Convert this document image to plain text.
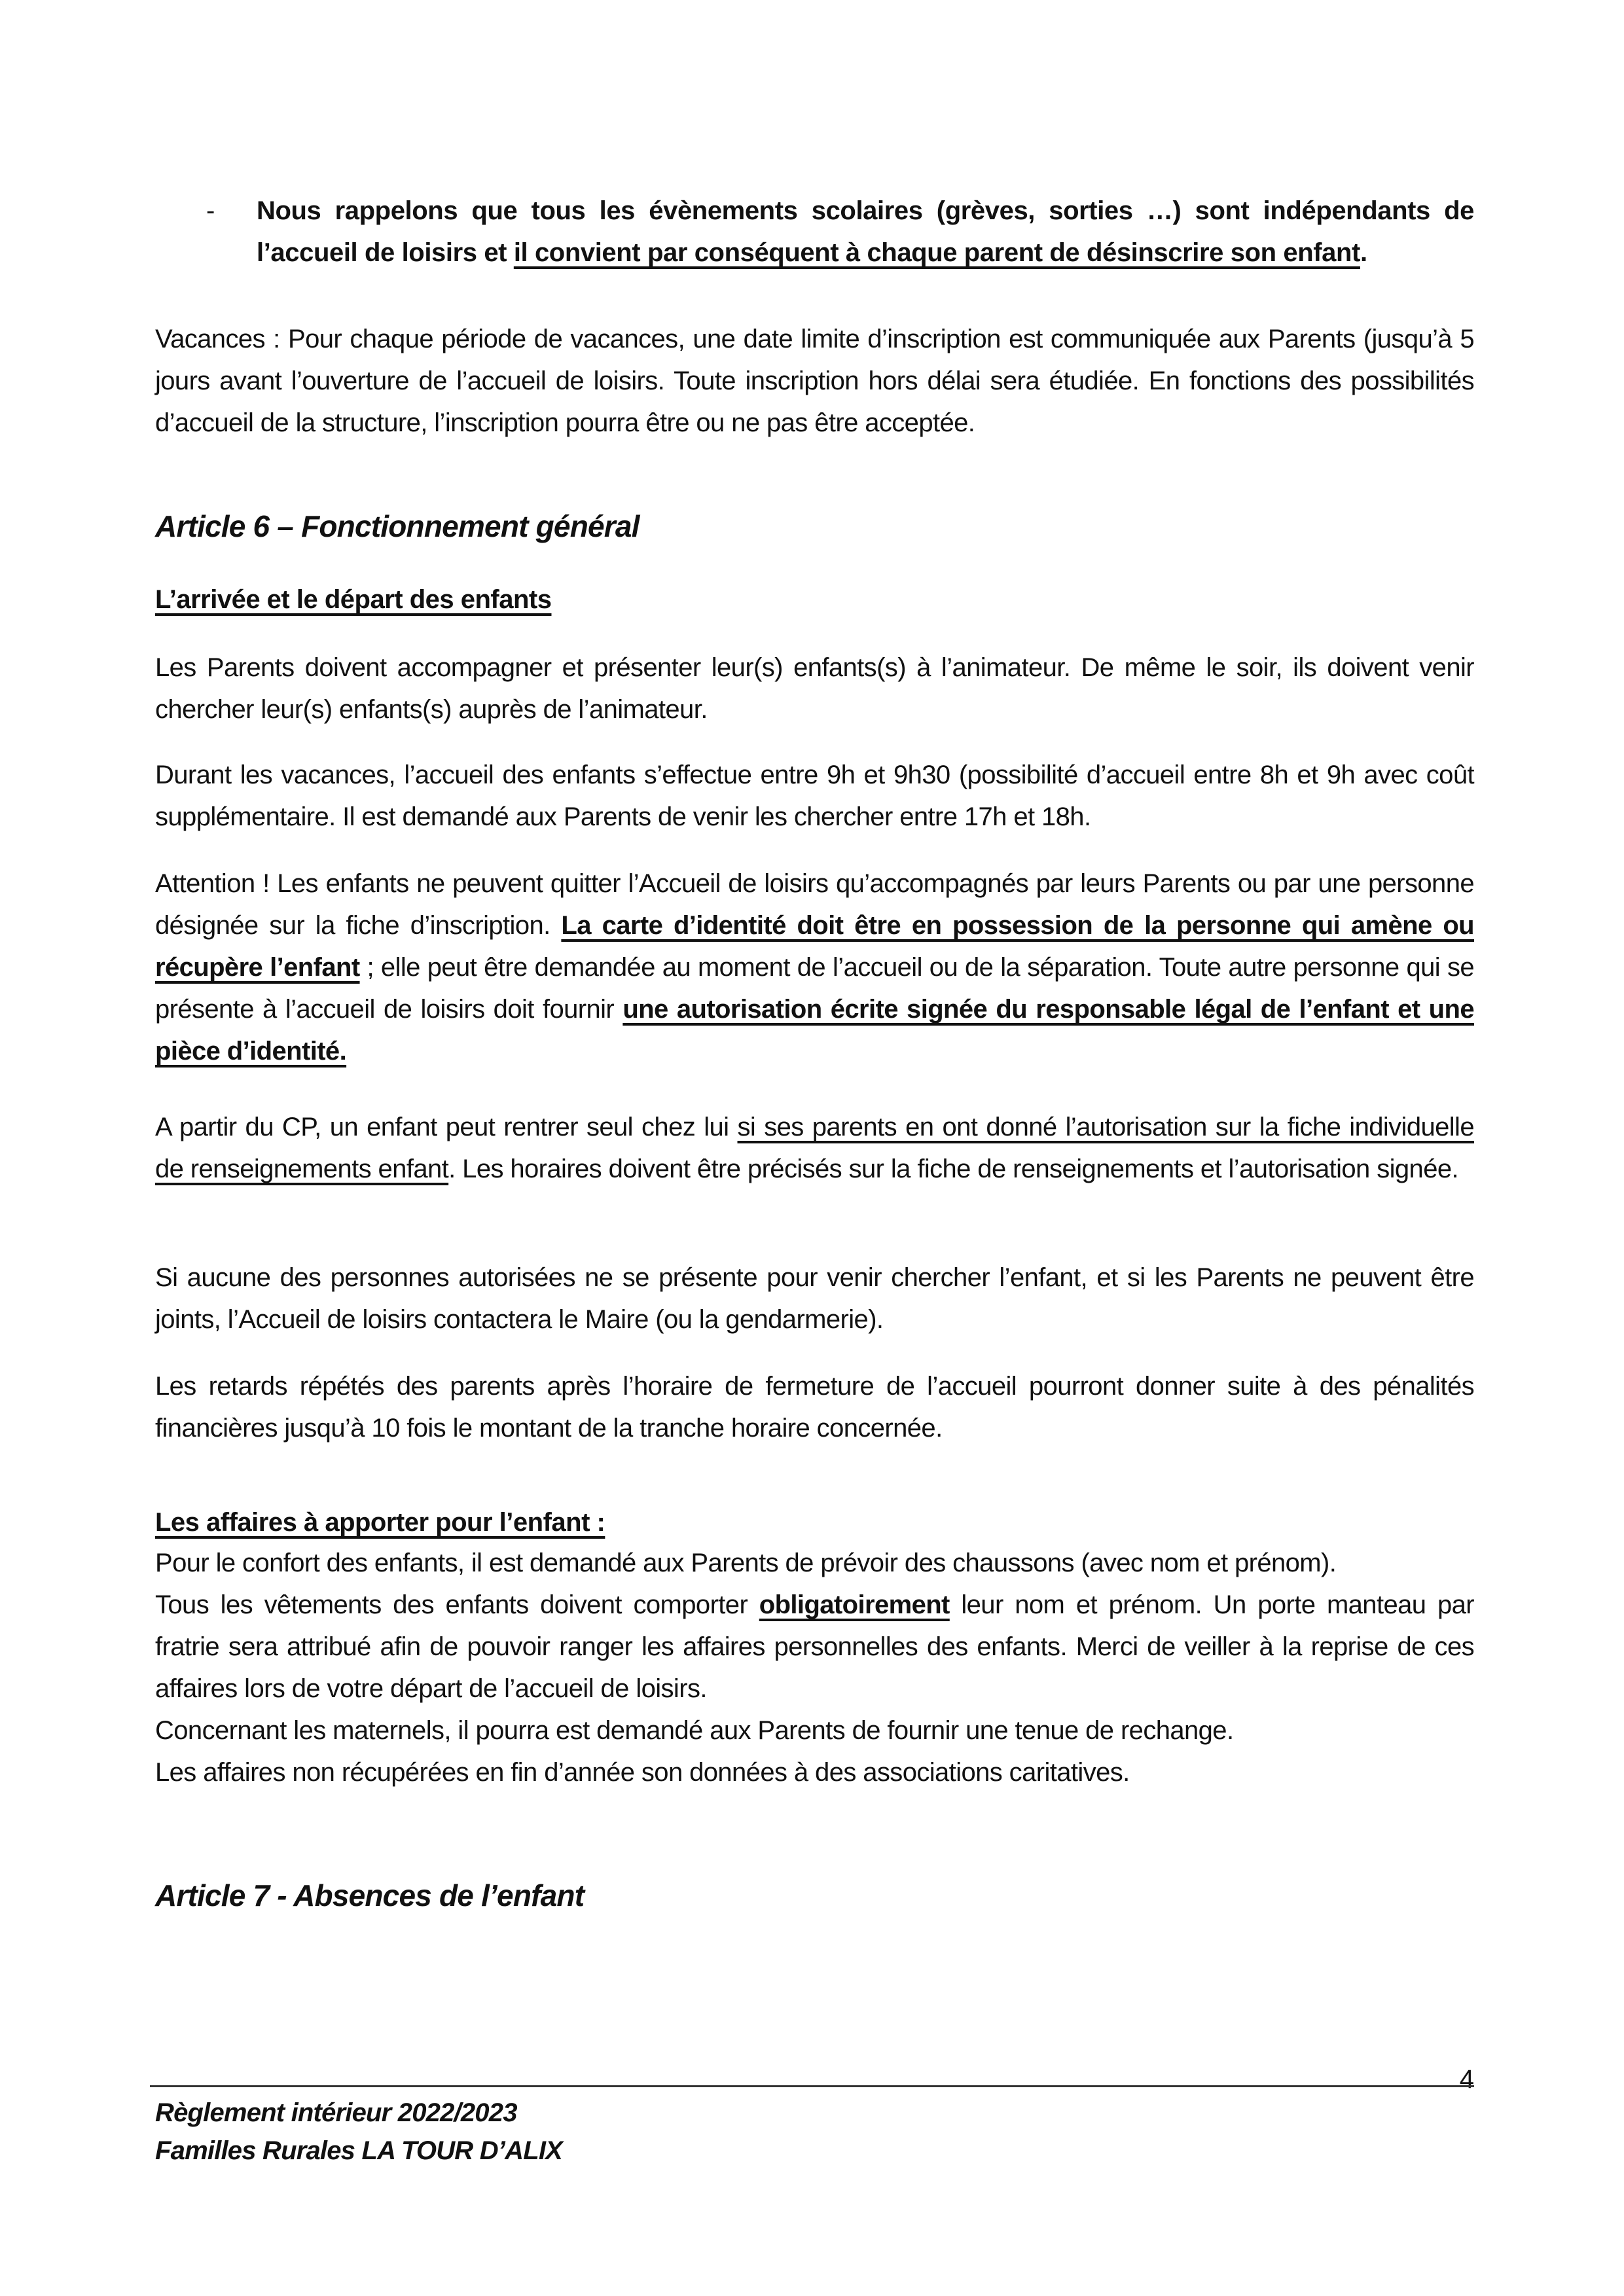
- Nous rappelons que tous les évènements scolaires (grèves, sorties …) sont indépendants de l’accueil de loisirs et il convient par conséquent à chaque parent de désinscrire son enfant.
Vacances : Pour chaque période de vacances, une date limite d’inscription est communiquée aux Parents (jusqu’à 5 jours avant l’ouverture de l’accueil de loisirs. Toute inscription hors délai sera étudiée. En fonctions des possibilités d’accueil de la structure, l’inscription pourra être ou ne pas être acceptée.
Article 6 – Fonctionnement général
L’arrivée et le départ des enfants
Les Parents doivent accompagner et présenter leur(s) enfants(s) à l’animateur. De même le soir, ils doivent venir chercher leur(s) enfants(s) auprès de l’animateur.
Durant les vacances, l’accueil des enfants s’effectue entre 9h et 9h30 (possibilité d’accueil entre 8h et 9h avec coût supplémentaire. Il est demandé aux Parents de venir les chercher entre 17h et 18h.
Attention ! Les enfants ne peuvent quitter l’Accueil de loisirs qu’accompagnés par leurs Parents ou par une personne désignée sur la fiche d’inscription. La carte d’identité doit être en possession de la personne qui amène ou récupère l’enfant ; elle peut être demandée au moment de l’accueil ou de la séparation. Toute autre personne qui se présente à l’accueil de loisirs doit fournir une autorisation écrite signée du responsable légal de l’enfant et une pièce d’identité.
A partir du CP, un enfant peut rentrer seul chez lui si ses parents en ont donné l’autorisation sur la fiche individuelle de renseignements enfant. Les horaires doivent être précisés sur la fiche de renseignements et l’autorisation signée.
Si aucune des personnes autorisées ne se présente pour venir chercher l’enfant, et si les Parents ne peuvent être joints, l’Accueil de loisirs contactera le Maire (ou la gendarmerie).
Les retards répétés des parents après l’horaire de fermeture de l’accueil pourront donner suite à des pénalités financières jusqu’à 10 fois le montant de la tranche horaire concernée.
Les affaires à apporter pour l’enfant :
Pour le confort des enfants, il est demandé aux Parents de prévoir des chaussons (avec nom et prénom).
Tous les vêtements des enfants doivent comporter obligatoirement leur nom et prénom. Un porte manteau par fratrie sera attribué afin de pouvoir ranger les affaires personnelles des enfants. Merci de veiller à la reprise de ces affaires lors de votre départ de l’accueil de loisirs.
Concernant les maternels, il pourra est demandé aux Parents de fournir une tenue de rechange.
Les affaires non récupérées en fin d’année son données à des associations caritatives.
Article 7 - Absences de l’enfant
4
Règlement intérieur 2022/2023
Familles Rurales LA TOUR D’ALIX
